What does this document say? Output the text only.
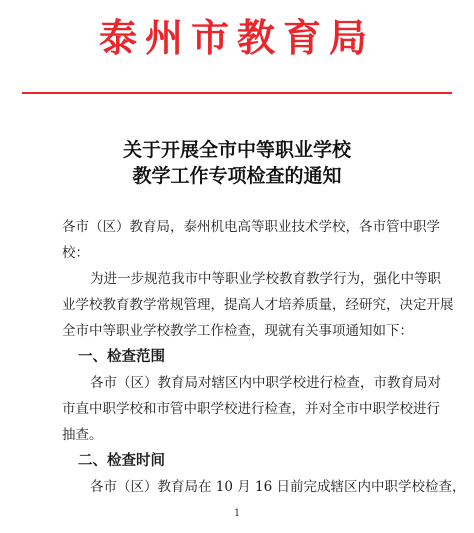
泰州市教育局
关于开展全市中等职业学校
教学工作专项检查的通知
各市（区）教育局，泰州机电高等职业技术学校，各市管中职学
校：
为进一步规范我市中等职业学校教育教学行为，强化中等职
业学校教育教学常规管理，提高人才培养质量，经研究，决定开展
全市中等职业学校教学工作检查，现就有关事项通知如下：
一、检查范围
各市（区）教育局对辖区内中职学校进行检查，市教育局对
市直中职学校和市管中职学校进行检查，并对全市中职学校进行
抽查。
二、检查时间
各市（区）教育局在 10 月 16 日前完成辖区内中职学校检查，
1
